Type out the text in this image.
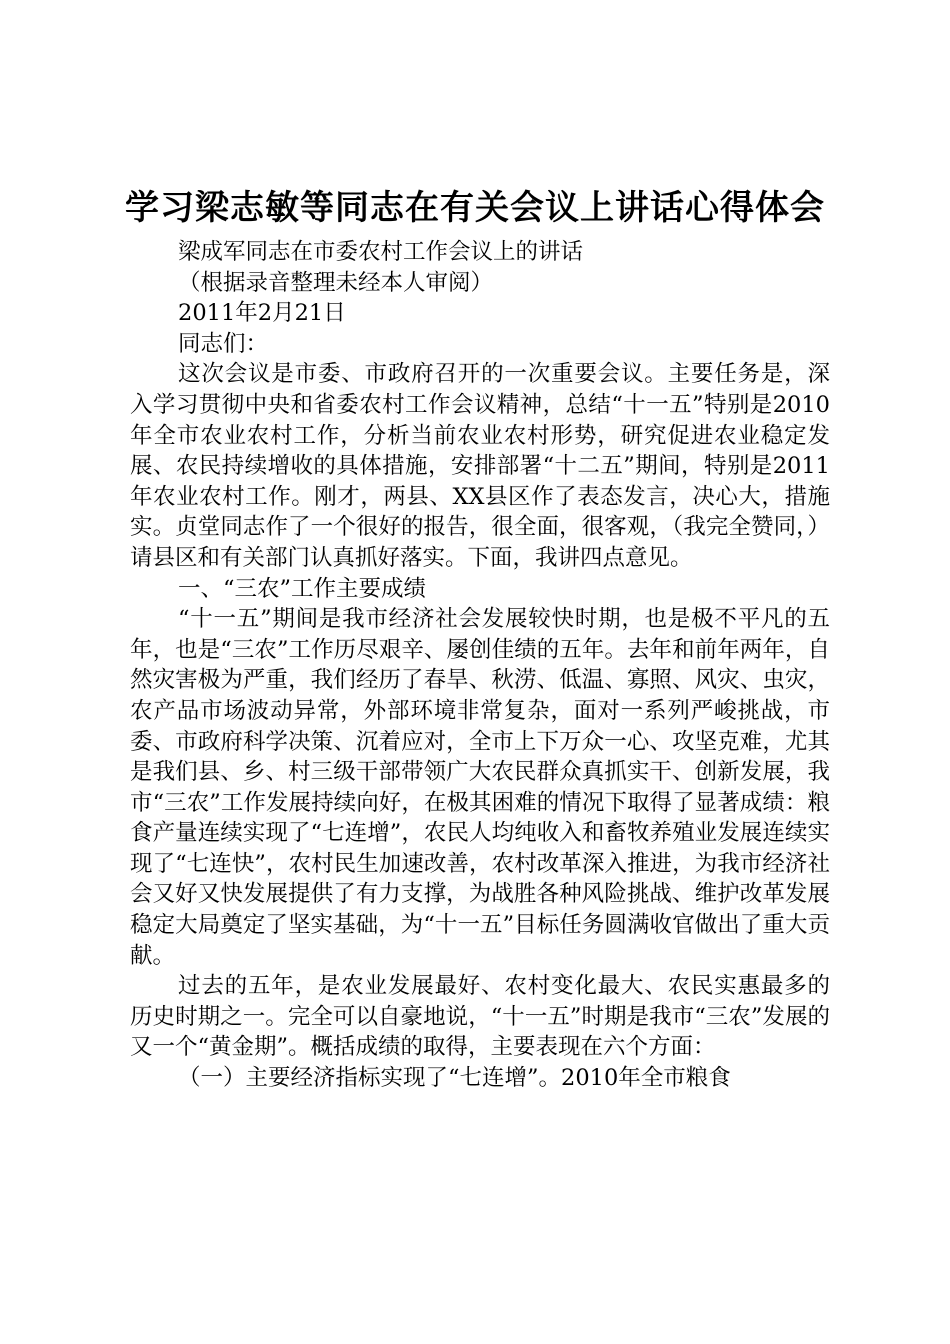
学习梁志敏等同志在有关会议上讲话心得体会

梁成军同志在市委农村工作会议上的讲话

（根据录音整理未经本人审阅）

2011年2月21日

同志们：

这次会议是市委、市政府召开的一次重要会议。主要任务是，深入学习贯彻中央和省委农村工作会议精神，总结“十一五”特别是2010年全市农业农村工作，分析当前农业农村形势，研究促进农业稳定发展、农民持续增收的具体措施，安排部署“十二五”期间，特别是2011年农业农村工作。刚才，两县、XX县区作了表态发言，决心大，措施实。贞堂同志作了一个很好的报告，很全面，很客观，（我完全赞同，）请县区和有关部门认真抓好落实。下面，我讲四点意见。

一、“三农”工作主要成绩

“十一五”期间是我市经济社会发展较快时期，也是极不平凡的五年，也是“三农”工作历尽艰辛、屡创佳绩的五年。去年和前年两年，自然灾害极为严重，我们经历了春旱、秋涝、低温、寡照、风灾、虫灾，农产品市场波动异常，外部环境非常复杂，面对一系列严峻挑战，市委、市政府科学决策、沉着应对，全市上下万众一心、攻坚克难，尤其是我们县、乡、村三级干部带领广大农民群众真抓实干、创新发展，我市“三农”工作发展持续向好，在极其困难的情况下取得了显著成绩：粮食产量连续实现了“七连增”，农民人均纯收入和畜牧养殖业发展连续实现了“七连快”，农村民生加速改善，农村改革深入推进，为我市经济社会又好又快发展提供了有力支撑，为战胜各种风险挑战、维护改革发展稳定大局奠定了坚实基础，为“十一五”目标任务圆满收官做出了重大贡献。

过去的五年，是农业发展最好、农村变化最大、农民实惠最多的历史时期之一。完全可以自豪地说，“十一五”时期是我市“三农”发展的又一个“黄金期”。概括成绩的取得，主要表现在六个方面：

（一）主要经济指标实现了“七连增”。2010年全市粮食
